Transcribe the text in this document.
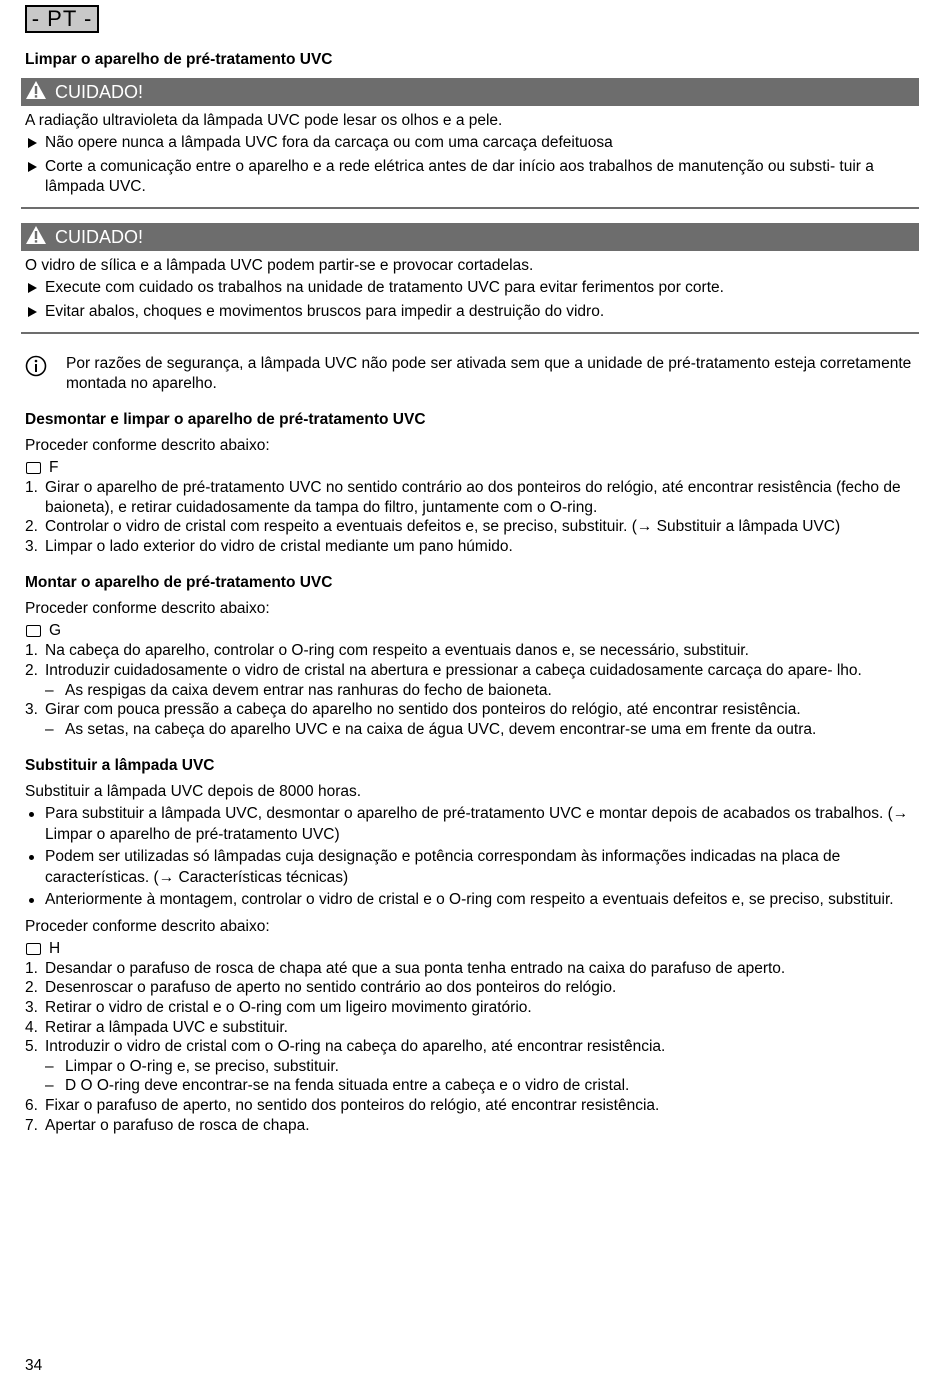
- PT -
Limpar o aparelho de pré-tratamento UVC
CUIDADO!

A radiação ultravioleta da lâmpada UVC pode lesar os olhos e a pele.

Não opere nunca a lâmpada UVC fora da carcaça ou com uma carcaça defeituosa
Corte a comunicação entre o aparelho e a rede elétrica antes de dar início aos trabalhos de manutenção ou substi- tuir a lâmpada UVC.
CUIDADO!

O vidro de sílica e a lâmpada UVC podem partir-se e provocar cortadelas.

Execute com cuidado os trabalhos na unidade de tratamento UVC para evitar ferimentos por corte.
Evitar abalos, choques e movimentos bruscos para impedir a destruição do vidro.

Por razões de segurança, a lâmpada UVC não pode ser ativada sem que a unidade de pré-tratamento esteja corretamente montada no aparelho.

Desmontar e limpar o aparelho de pré-tratamento UVC

Proceder conforme descrito abaixo:

F
1. Girar o aparelho de pré-tratamento UVC no sentido contrário ao dos ponteiros do relógio, até encontrar resistência (fecho de baioneta), e retirar cuidadosamente da tampa do filtro, juntamente com o O-ring.
2. Controlar o vidro de cristal com respeito a eventuais defeitos e, se preciso, substituir. (→ Substituir a lâmpada UVC)
3. Limpar o lado exterior do vidro de cristal mediante um pano húmido.
Montar o aparelho de pré-tratamento UVC

Proceder conforme descrito abaixo:

G
1. Na cabeça do aparelho, controlar o O-ring com respeito a eventuais danos e, se necessário, substituir.
2. Introduzir cuidadosamente o vidro de cristal na abertura e pressionar a cabeça cuidadosamente carcaça do apare- lho.
– As respigas da caixa devem entrar nas ranhuras do fecho de baioneta.
3. Girar com pouca pressão a cabeça do aparelho no sentido dos ponteiros do relógio, até encontrar resistência.
– As setas, na cabeça do aparelho UVC e na caixa de água UVC, devem encontrar-se uma em frente da outra.
Substituir a lâmpada UVC

Substituir a lâmpada UVC depois de 8000 horas.

Para substituir a lâmpada UVC, desmontar o aparelho de pré-tratamento UVC e montar depois de acabados os trabalhos. (→ Limpar o aparelho de pré-tratamento UVC)
Podem ser utilizadas só lâmpadas cuja designação e potência correspondam às informações indicadas na placa de características. (→ Características técnicas)
Anteriormente à montagem, controlar o vidro de cristal e o O-ring com respeito a eventuais defeitos e, se preciso, substituir.

Proceder conforme descrito abaixo:

H
1. Desandar o parafuso de rosca de chapa até que a sua ponta tenha entrado na caixa do parafuso de aperto.
2. Desenroscar o parafuso de aperto no sentido contrário ao dos ponteiros do relógio.
3. Retirar o vidro de cristal e o O-ring com um ligeiro movimento giratório.
4. Retirar a lâmpada UVC e substituir.
5. Introduzir o vidro de cristal com o O-ring na cabeça do aparelho, até encontrar resistência.
– Limpar o O-ring e, se preciso, substituir.
– D O O-ring deve encontrar-se na fenda situada entre a cabeça e o vidro de cristal.
6. Fixar o parafuso de aperto, no sentido dos ponteiros do relógio, até encontrar resistência.
7. Apertar o parafuso de rosca de chapa.
34
